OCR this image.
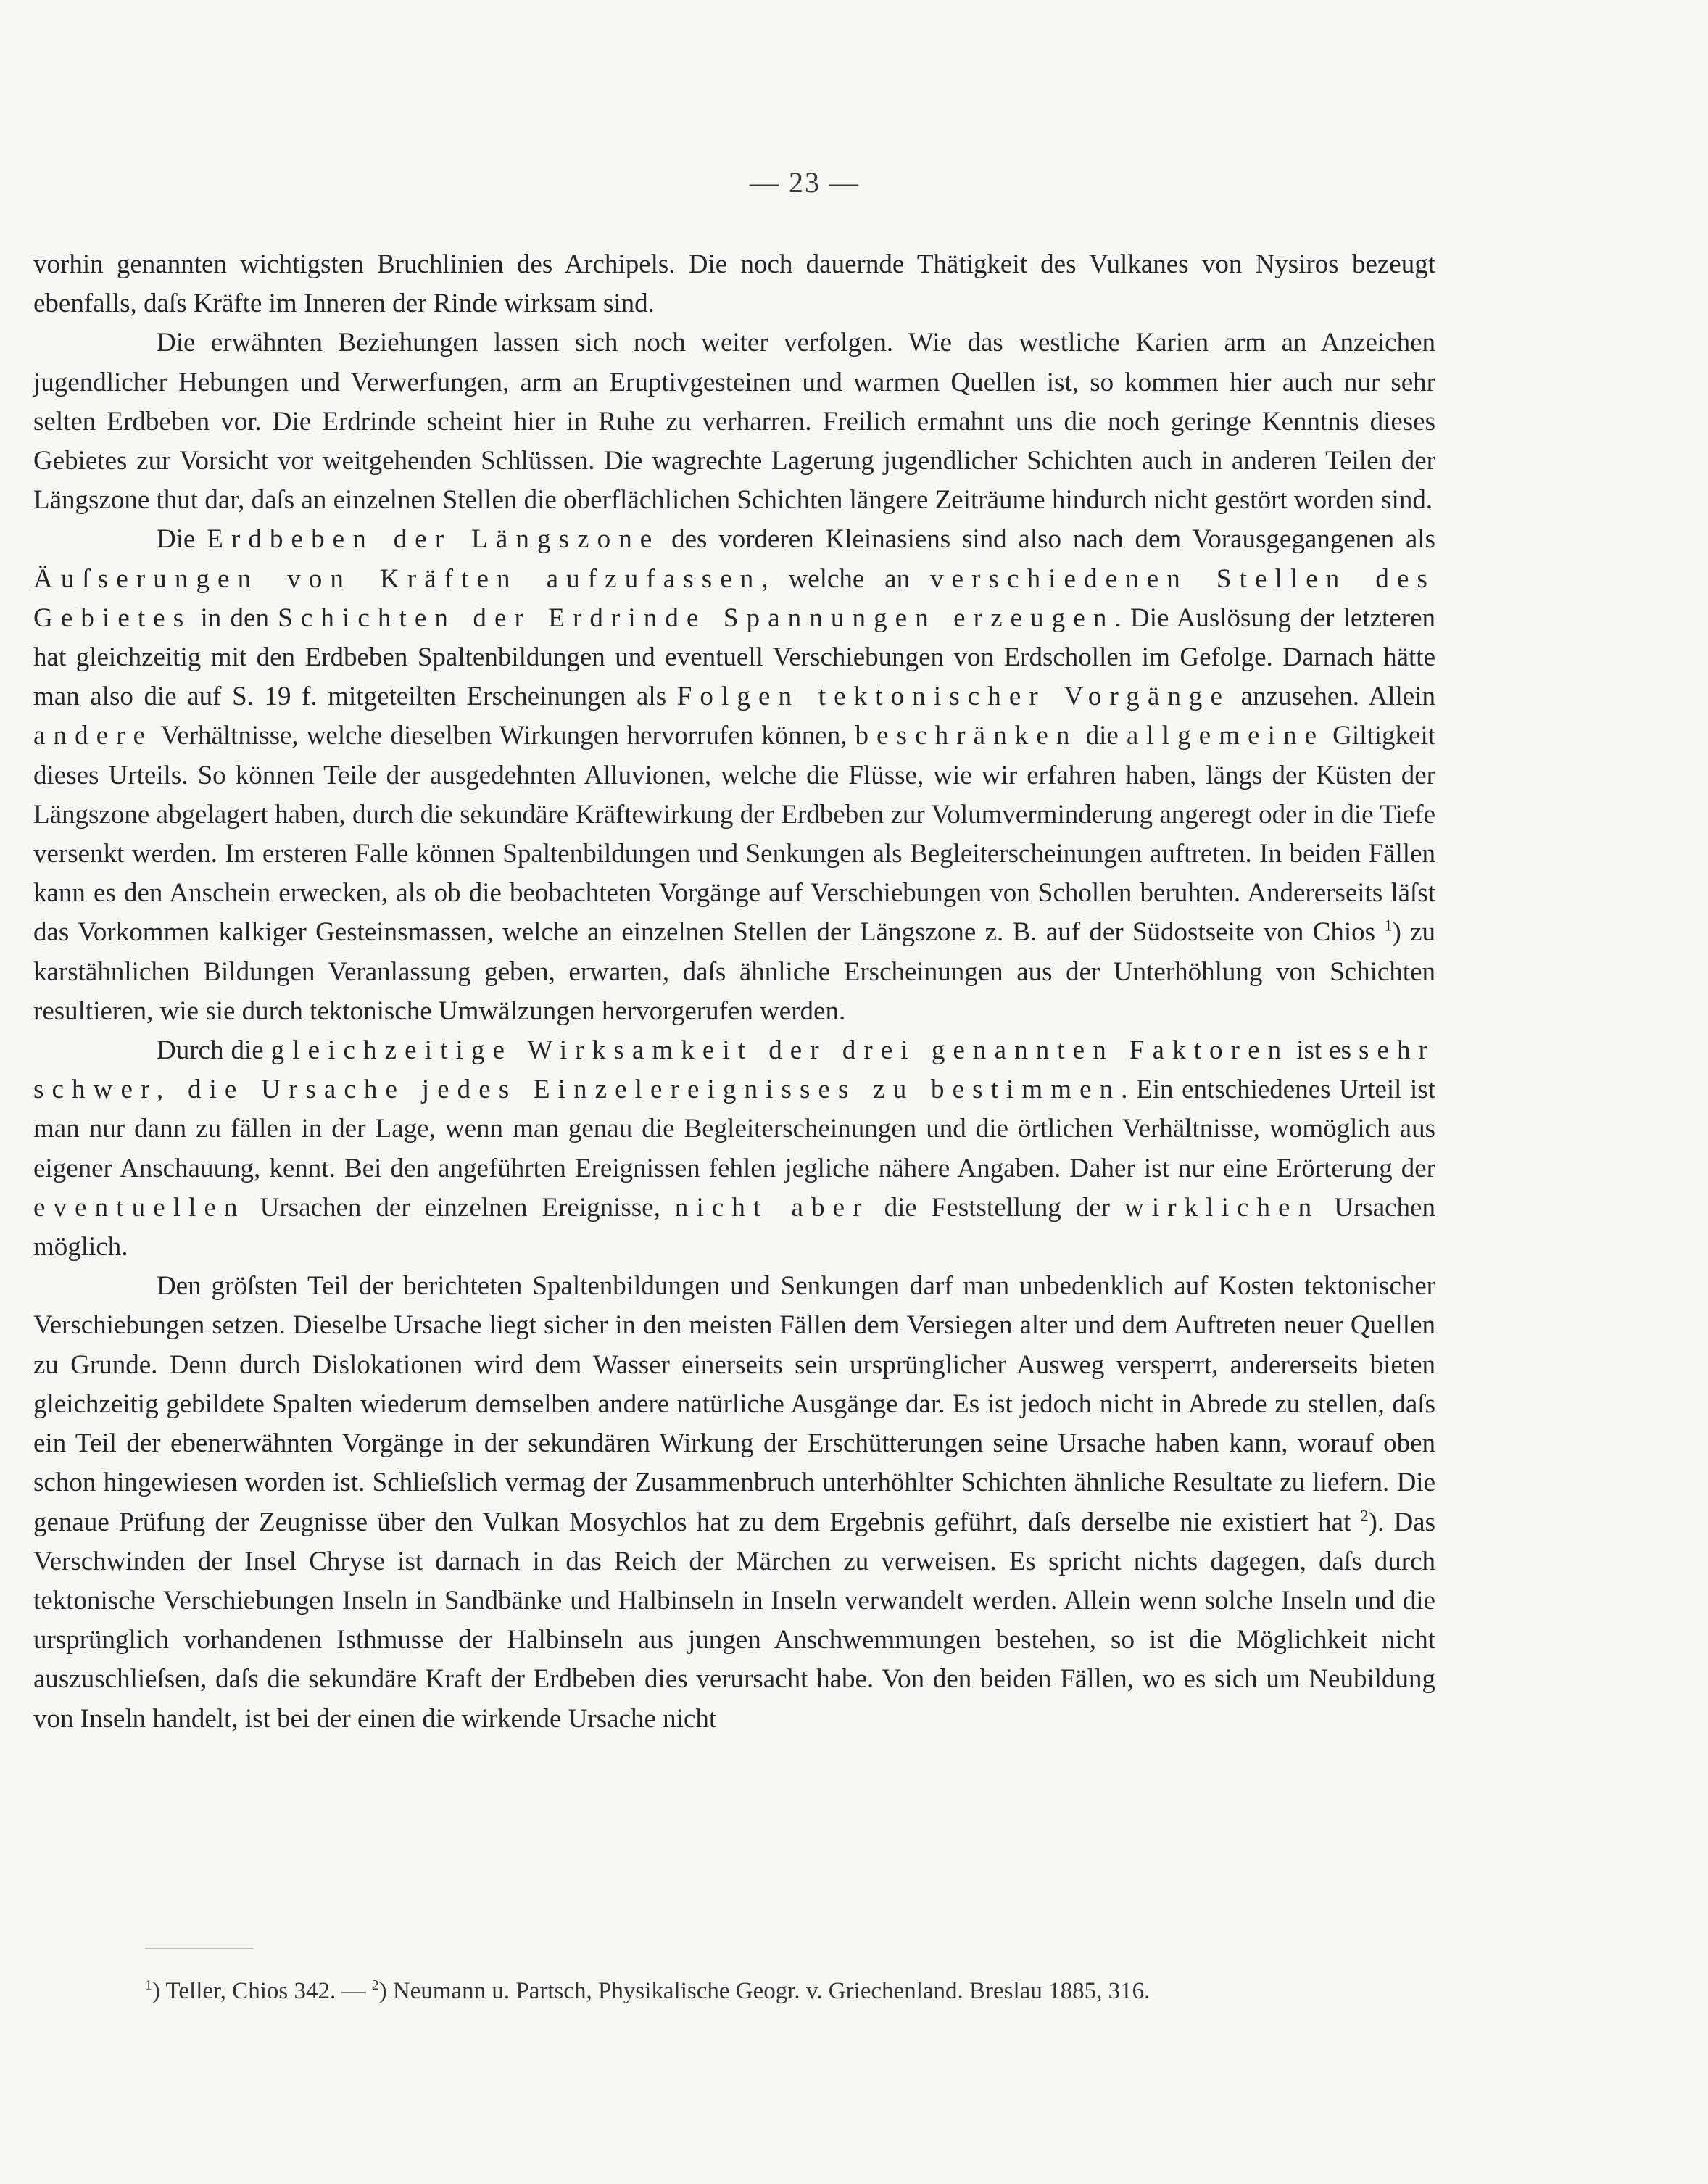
— 23 —

vorhin genannten wichtigsten Bruchlinien des Archipels. Die noch dauernde Thätigkeit des Vulkanes von Nysiros bezeugt ebenfalls, daſs Kräfte im Inneren der Rinde wirksam sind.

Die erwähnten Beziehungen lassen sich noch weiter verfolgen. Wie das westliche Karien arm an Anzeichen jugendlicher Hebungen und Verwerfungen, arm an Eruptivgesteinen und warmen Quellen ist, so kommen hier auch nur sehr selten Erdbeben vor. Die Erdrinde scheint hier in Ruhe zu verharren. Freilich ermahnt uns die noch geringe Kenntnis dieses Gebietes zur Vorsicht vor weitgehenden Schlüssen. Die wagrechte Lagerung jugendlicher Schichten auch in anderen Teilen der Längszone thut dar, daſs an einzelnen Stellen die oberflächlichen Schichten längere Zeiträume hindurch nicht gestört worden sind.

Die Erdbeben der Längszone des vorderen Kleinasiens sind also nach dem Vorausgegangenen als Äuſserungen von Kräften aufzufassen, welche an verschiedenen Stellen des Gebietes in den Schichten der Erdrinde Spannungen erzeugen. Die Auslösung der letzteren hat gleichzeitig mit den Erdbeben Spaltenbildungen und eventuell Verschiebungen von Erdschollen im Gefolge. Darnach hätte man also die auf S. 19 f. mitgeteilten Erscheinungen als Folgen tektonischer Vorgänge anzusehen. Allein andere Verhältnisse, welche dieselben Wirkungen hervorrufen können, beschränken die allgemeine Giltigkeit dieses Urteils. So können Teile der ausgedehnten Alluvionen, welche die Flüsse, wie wir erfahren haben, längs der Küsten der Längszone abgelagert haben, durch die sekundäre Kräftewirkung der Erdbeben zur Volumverminderung angeregt oder in die Tiefe versenkt werden. Im ersteren Falle können Spaltenbildungen und Senkungen als Begleiterscheinungen auftreten. In beiden Fällen kann es den Anschein erwecken, als ob die beobachteten Vorgänge auf Verschiebungen von Schollen beruhten. Andererseits läſst das Vorkommen kalkiger Gesteinsmassen, welche an einzelnen Stellen der Längszone z. B. auf der Südostseite von Chios $^1$) zu karstähnlichen Bildungen Veranlassung geben, erwarten, daſs ähnliche Erscheinungen aus der Unterhöhlung von Schichten resultieren, wie sie durch tektonische Umwälzungen hervorgerufen werden.

Durch die gleichzeitige Wirksamkeit der drei genannten Faktoren ist es sehr schwer, die Ursache jedes Einzelereignisses zu bestimmen. Ein entschiedenes Urteil ist man nur dann zu fällen in der Lage, wenn man genau die Begleiterscheinungen und die örtlichen Verhältnisse, womöglich aus eigener Anschauung, kennt. Bei den angeführten Ereignissen fehlen jegliche nähere Angaben. Daher ist nur eine Erörterung der eventuellen Ursachen der einzelnen Ereignisse, nicht aber die Feststellung der wirklichen Ursachen möglich.

Den gröſsten Teil der berichteten Spaltenbildungen und Senkungen darf man unbedenklich auf Kosten tektonischer Verschiebungen setzen. Dieselbe Ursache liegt sicher in den meisten Fällen dem Versiegen alter und dem Auftreten neuer Quellen zu Grunde. Denn durch Dislokationen wird dem Wasser einerseits sein ursprünglicher Ausweg versperrt, andererseits bieten gleichzeitig gebildete Spalten wiederum demselben andere natürliche Ausgänge dar. Es ist jedoch nicht in Abrede zu stellen, daſs ein Teil der ebenerwähnten Vorgänge in der sekundären Wirkung der Erschütterungen seine Ursache haben kann, worauf oben schon hingewiesen worden ist. Schlieſslich vermag der Zusammenbruch unterhöhlter Schichten ähnliche Resultate zu liefern. Die genaue Prüfung der Zeugnisse über den Vulkan Mosychlos hat zu dem Ergebnis geführt, daſs derselbe nie existiert hat $^2$). Das Verschwinden der Insel Chryse ist darnach in das Reich der Märchen zu verweisen. Es spricht nichts dagegen, daſs durch tektonische Verschiebungen Inseln in Sandbänke und Halbinseln in Inseln verwandelt werden. Allein wenn solche Inseln und die ursprünglich vorhandenen Isthmusse der Halbinseln aus jungen Anschwemmungen bestehen, so ist die Möglichkeit nicht auszuschlieſsen, daſs die sekundäre Kraft der Erdbeben dies verursacht habe. Von den beiden Fällen, wo es sich um Neubildung von Inseln handelt, ist bei der einen die wirkende Ursache nicht

$^1$) Teller, Chios 342. — $^2$) Neumann u. Partsch, Physikalische Geogr. v. Griechenland. Breslau 1885, 316.
